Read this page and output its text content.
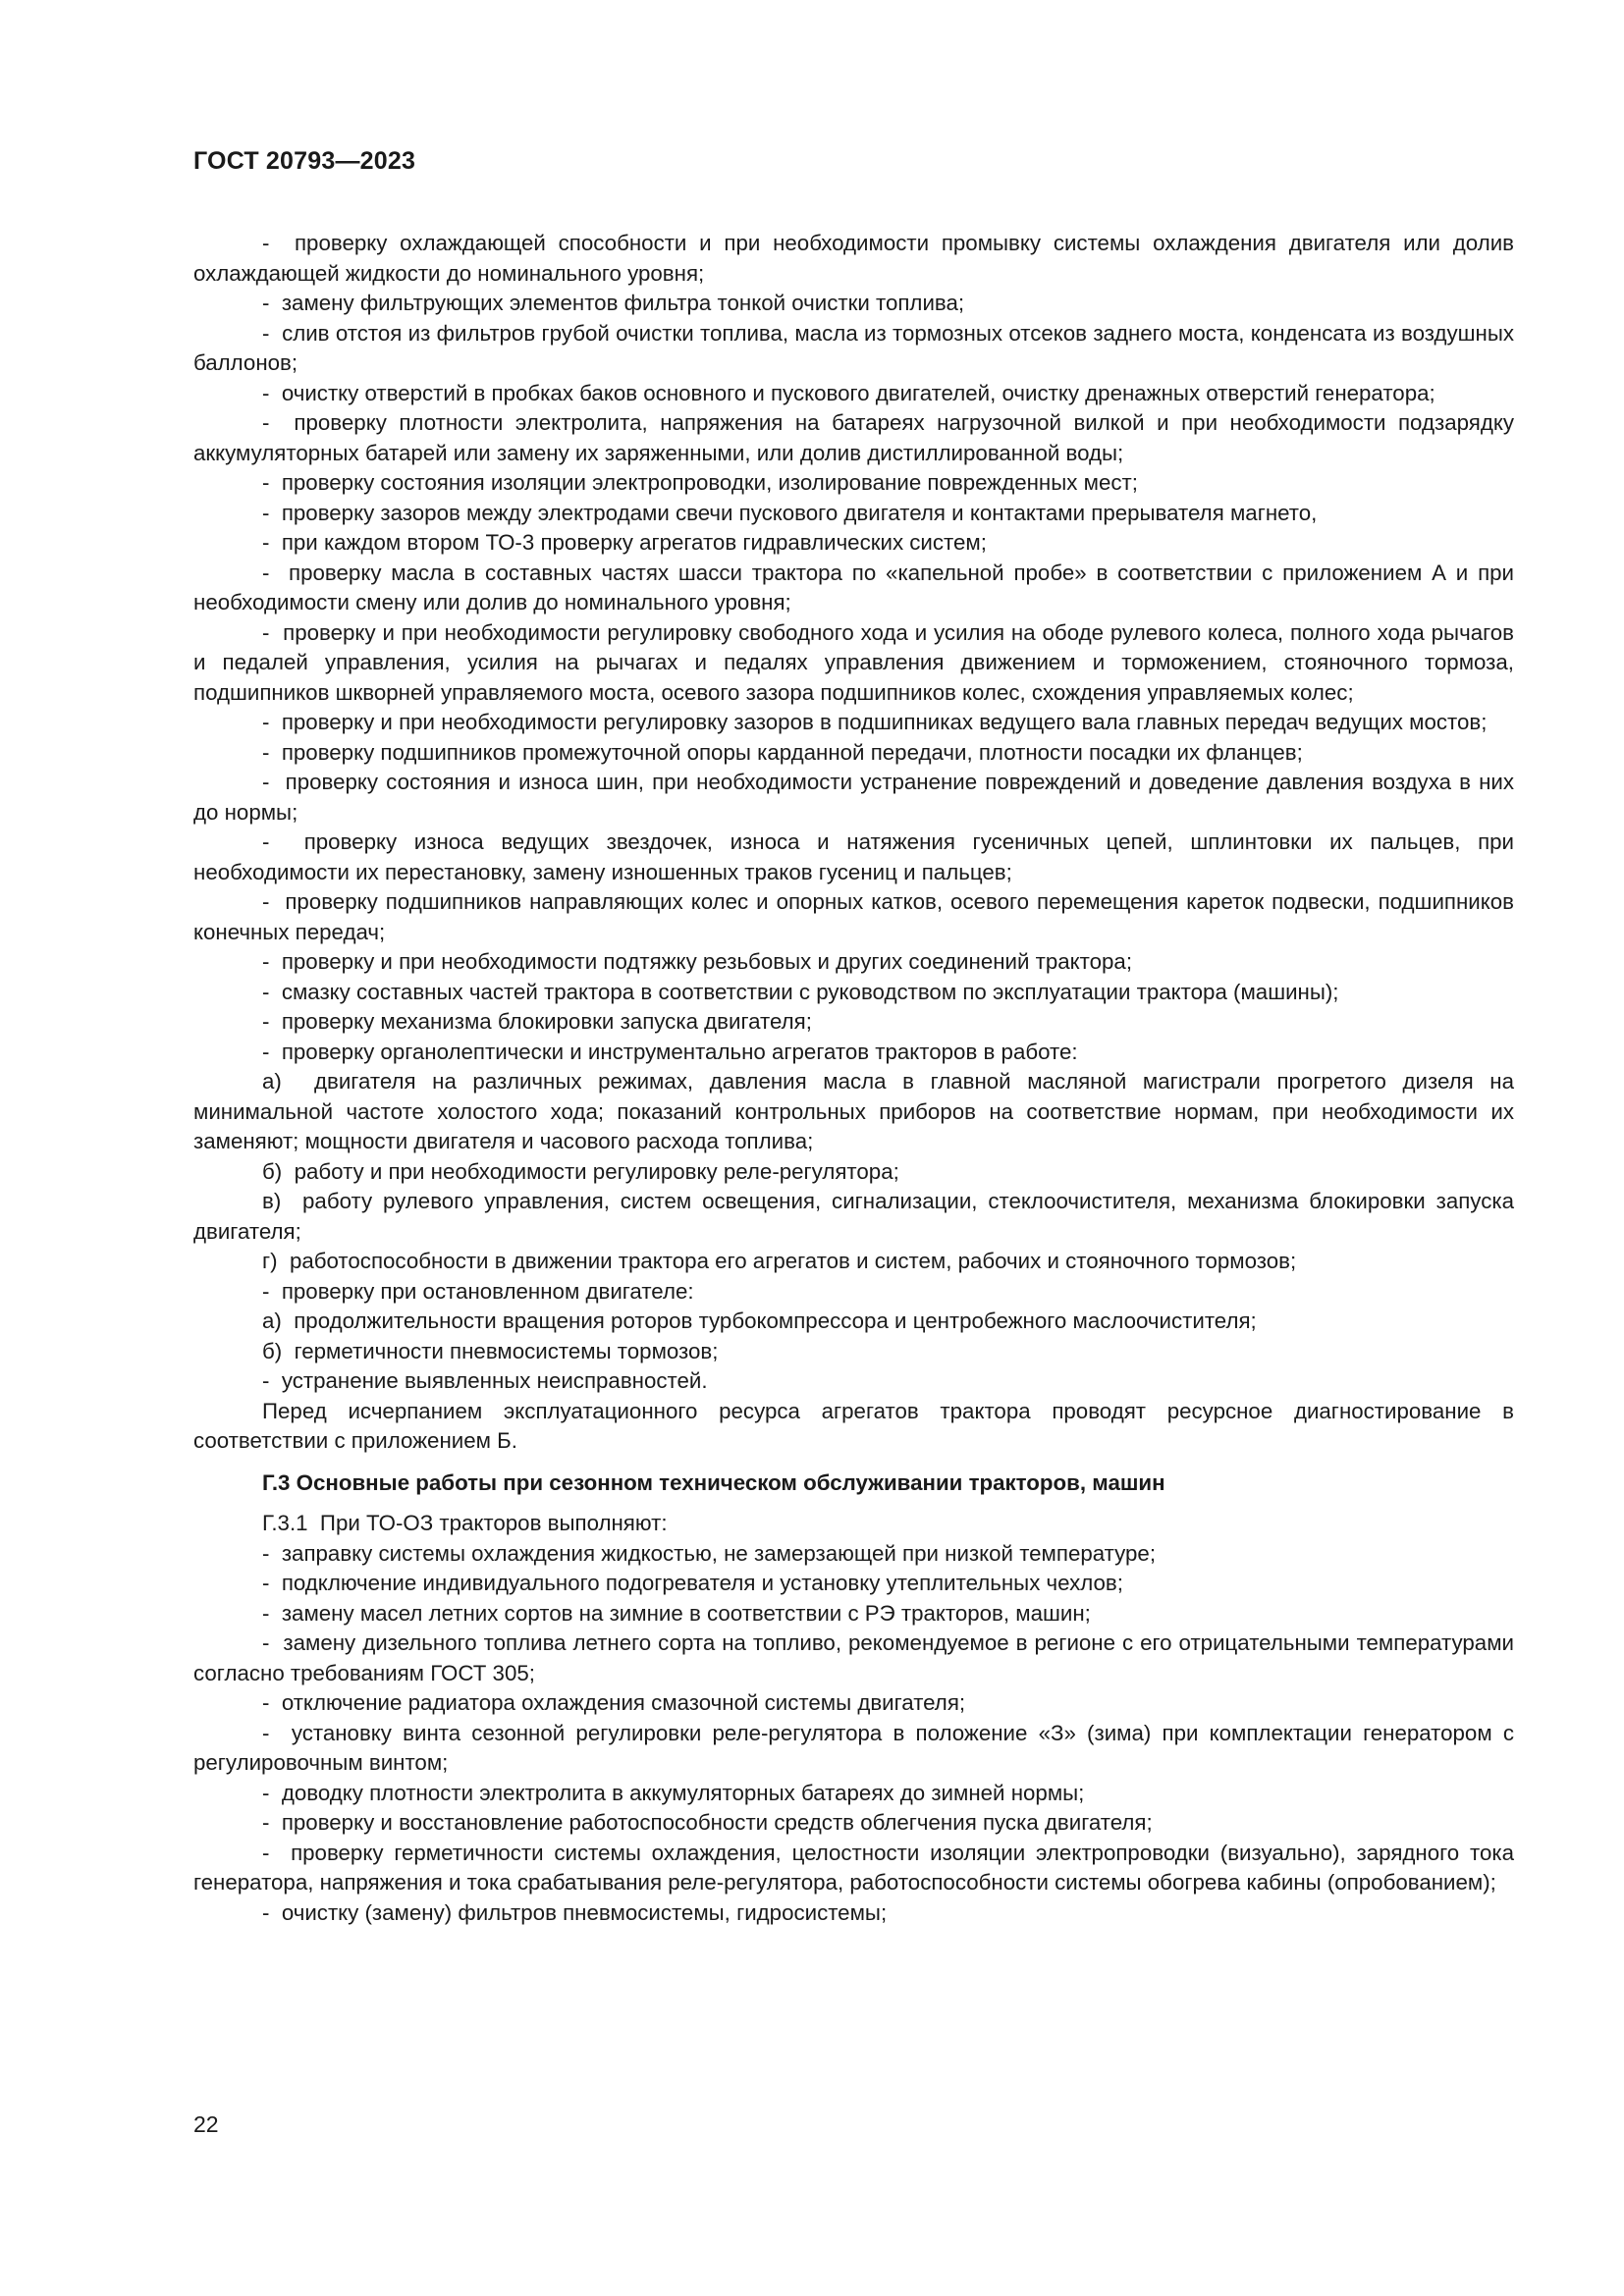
ГОСТ 20793—2023

-  проверку охлаждающей способности и при необходимости промывку системы охлаждения двигателя или долив охлаждающей жидкости до номинального уровня;

-  замену фильтрующих элементов фильтра тонкой очистки топлива;

-  слив отстоя из фильтров грубой очистки топлива, масла из тормозных отсеков заднего моста, конденсата из воздушных баллонов;

-  очистку отверстий в пробках баков основного и пускового двигателей, очистку дренажных отверстий генератора;

-  проверку плотности электролита, напряжения на батареях нагрузочной вилкой и при необходимости подзарядку аккумуляторных батарей или замену их заряженными, или долив дистиллированной воды;

-  проверку состояния изоляции электропроводки, изолирование поврежденных мест;

-  проверку зазоров между электродами свечи пускового двигателя и контактами прерывателя магнето,

-  при каждом втором ТО-3 проверку агрегатов гидравлических систем;

-  проверку масла в составных частях шасси трактора по «капельной пробе» в соответствии с приложением А и при необходимости смену или долив до номинального уровня;

-  проверку и при необходимости регулировку свободного хода и усилия на ободе рулевого колеса, полного хода рычагов и педалей управления, усилия на рычагах и педалях управления движением и торможением, стояночного тормоза, подшипников шкворней управляемого моста, осевого зазора подшипников колес, схождения управляемых колес;

-  проверку и при необходимости регулировку зазоров в подшипниках ведущего вала главных передач ведущих мостов;

-  проверку подшипников промежуточной опоры карданной передачи, плотности посадки их фланцев;

-  проверку состояния и износа шин, при необходимости устранение повреждений и доведение давления воздуха в них до нормы;

-  проверку износа ведущих звездочек, износа и натяжения гусеничных цепей, шплинтовки их пальцев, при необходимости их перестановку, замену изношенных траков гусениц и пальцев;

-  проверку подшипников направляющих колес и опорных катков, осевого перемещения кареток подвески, подшипников конечных передач;

-  проверку и при необходимости подтяжку резьбовых и других соединений трактора;

-  смазку составных частей трактора в соответствии с руководством по эксплуатации трактора (машины);

-  проверку механизма блокировки запуска двигателя;

-  проверку органолептически и инструментально агрегатов тракторов в работе:

а)  двигателя на различных режимах, давления масла в главной масляной магистрали прогретого дизеля на минимальной частоте холостого хода; показаний контрольных приборов на соответствие нормам, при необходимости их заменяют; мощности двигателя и часового расхода топлива;

б)  работу и при необходимости регулировку реле-регулятора;

в)  работу рулевого управления, систем освещения, сигнализации, стеклоочистителя, механизма блокировки запуска двигателя;

г)  работоспособности в движении трактора его агрегатов и систем, рабочих и стояночного тормозов;

-  проверку при остановленном двигателе:

а)  продолжительности вращения роторов турбокомпрессора и центробежного маслоочистителя;

б)  герметичности пневмосистемы тормозов;

-  устранение выявленных неисправностей.

Перед исчерпанием эксплуатационного ресурса агрегатов трактора проводят ресурсное диагностирование в соответствии с приложением Б.

Г.3 Основные работы при сезонном техническом обслуживании тракторов, машин

Г.3.1  При ТО-ОЗ тракторов выполняют:

-  заправку системы охлаждения жидкостью, не замерзающей при низкой температуре;

-  подключение индивидуального подогревателя и установку утеплительных чехлов;

-  замену масел летних сортов на зимние в соответствии с РЭ тракторов, машин;

-  замену дизельного топлива летнего сорта на топливо, рекомендуемое в регионе с его отрицательными температурами согласно требованиям ГОСТ 305;

-  отключение радиатора охлаждения смазочной системы двигателя;

-  установку винта сезонной регулировки реле-регулятора в положение «З» (зима) при комплектации генератором с регулировочным винтом;

-  доводку плотности электролита в аккумуляторных батареях до зимней нормы;

-  проверку и восстановление работоспособности средств облегчения пуска двигателя;

-  проверку герметичности системы охлаждения, целостности изоляции электропроводки (визуально), зарядного тока генератора, напряжения и тока срабатывания реле-регулятора, работоспособности системы обогрева кабины (опробованием);

-  очистку (замену) фильтров пневмосистемы, гидросистемы;

22
